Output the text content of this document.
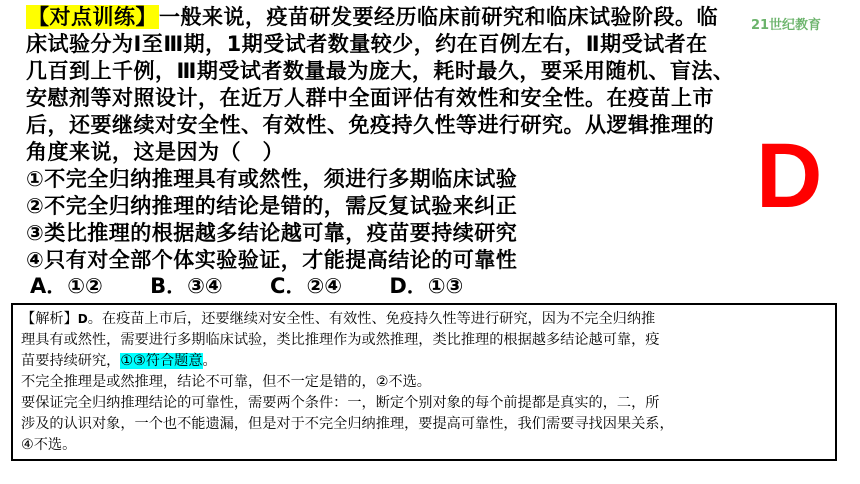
【对点训练】一般来说，疫苗研发要经历临床前研究和临床试验阶段。临
床试验分为Ⅰ至Ⅲ期，1期受试者数量较少，约在百例左右，Ⅱ期受试者在
几百到上千例，Ⅲ期受试者数量最为庞大，耗时最久，要采用随机、盲法、
安慰剂等对照设计，在近万人群中全面评估有效性和安全性。在疫苗上市
后，还要继续对安全性、有效性、免疫持久性等进行研究。从逻辑推理的
角度来说，这是因为（　）
①不完全归纳推理具有或然性，须进行多期临床试验
②不完全归纳推理的结论是错的，需反复试验来纠正
③类比推理的根据越多结论越可靠，疫苗要持续研究
④只有对全部个体实验验证，才能提高结论的可靠性
21世纪教育
D
A．①② B．③④ C．②④ D．①③
【解析】D。在疫苗上市后，还要继续对安全性、有效性、免疫持久性等进行研究，因为不完全归纳推
理具有或然性，需要进行多期临床试验，类比推理作为或然推理，类比推理的根据越多结论越可靠，疫
苗要持续研究，①③符合题意。
不完全推理是或然推理，结论不可靠，但不一定是错的，②不选。
要保证完全归纳推理结论的可靠性，需要两个条件：一，断定个别对象的每个前提都是真实的，二，所
涉及的认识对象，一个也不能遗漏，但是对于不完全归纳推理，要提高可靠性，我们需要寻找因果关系，
④不选。
